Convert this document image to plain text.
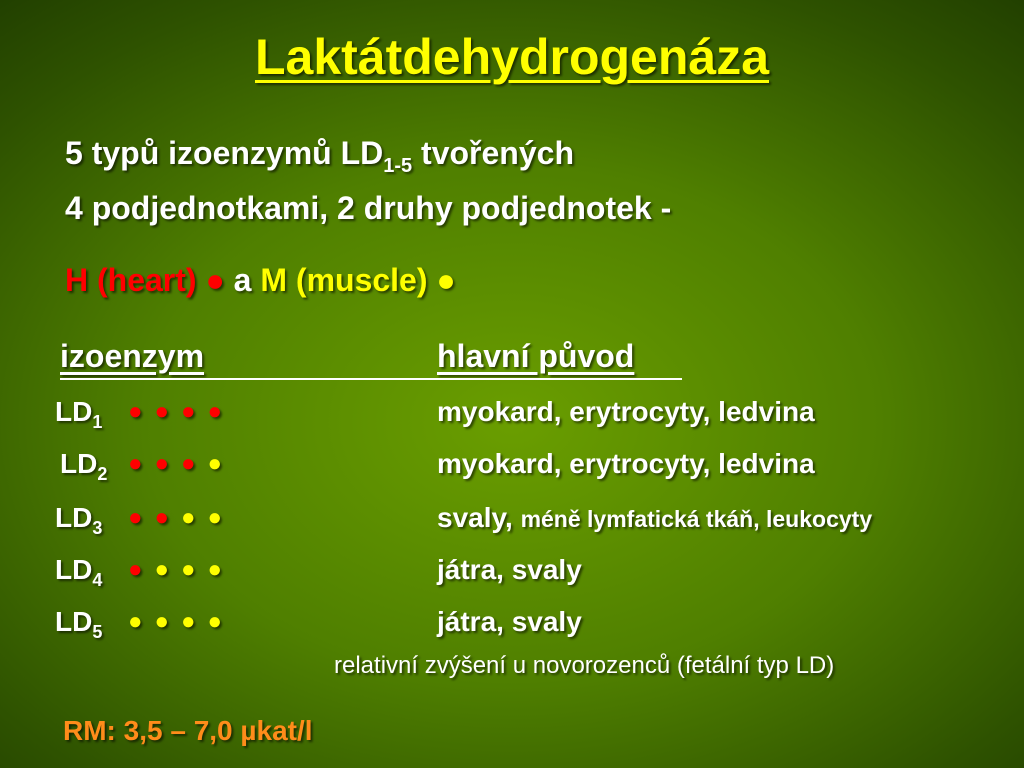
Laktátdehydrogenáza
5 typů izoenzymů $LD_{1-5}$ tvořených
4 podjednotkami, 2 druhy podjednotek -
H (heart) ● a M (muscle) ●
izoenzym	hlavní původ
$LD_1$ ●●●●	myokard, erytrocyty, ledvina
$LD_2$ ●●●●	myokard, erytrocyty, ledvina
$LD_3$ ●●●●	svaly, méně lymfatická tkáň, leukocyty
$LD_4$ ●●●●	játra, svaly
$LD_5$ ●●●●	játra, svaly
relativní zvýšení u novorozenců (fetální typ LD)
RM: 3,5 – 7,0 µkat/l
